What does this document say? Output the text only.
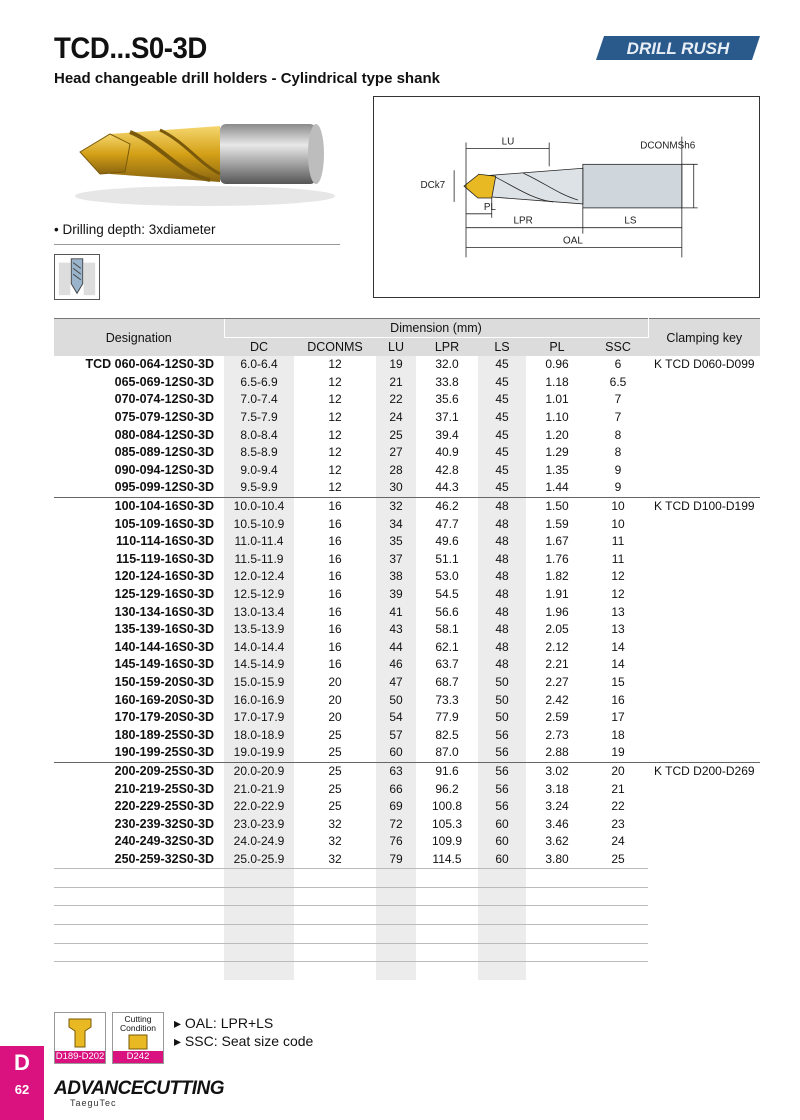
TCD...S0-3D
Head changeable drill holders - Cylindrical type shank
DRILL RUSH
• Drilling depth: 3xdiameter
LU	DCONMSh6
DCk7
PL
LPR	LS
OAL
Designation	Dimension (mm)							Clamping key
	DC	DCONMS	LU	LPR	LS	PL	SSC	
TCD 060-064-12S0-3D	6.0-6.4	12	19	32.0	45	0.96	6	K TCD D060-D099
065-069-12S0-3D	6.5-6.9	12	21	33.8	45	1.18	6.5	
070-074-12S0-3D	7.0-7.4	12	22	35.6	45	1.01	7	
075-079-12S0-3D	7.5-7.9	12	24	37.1	45	1.10	7	
080-084-12S0-3D	8.0-8.4	12	25	39.4	45	1.20	8	
085-089-12S0-3D	8.5-8.9	12	27	40.9	45	1.29	8	
090-094-12S0-3D	9.0-9.4	12	28	42.8	45	1.35	9	
095-099-12S0-3D	9.5-9.9	12	30	44.3	45	1.44	9	
100-104-16S0-3D	10.0-10.4	16	32	46.2	48	1.50	10	K TCD D100-D199
105-109-16S0-3D	10.5-10.9	16	34	47.7	48	1.59	10	
110-114-16S0-3D	11.0-11.4	16	35	49.6	48	1.67	11	
115-119-16S0-3D	11.5-11.9	16	37	51.1	48	1.76	11	
120-124-16S0-3D	12.0-12.4	16	38	53.0	48	1.82	12	
125-129-16S0-3D	12.5-12.9	16	39	54.5	48	1.91	12	
130-134-16S0-3D	13.0-13.4	16	41	56.6	48	1.96	13	
135-139-16S0-3D	13.5-13.9	16	43	58.1	48	2.05	13	
140-144-16S0-3D	14.0-14.4	16	44	62.1	48	2.12	14	
145-149-16S0-3D	14.5-14.9	16	46	63.7	48	2.21	14	
150-159-20S0-3D	15.0-15.9	20	47	68.7	50	2.27	15	
160-169-20S0-3D	16.0-16.9	20	50	73.3	50	2.42	16	
170-179-20S0-3D	17.0-17.9	20	54	77.9	50	2.59	17	
180-189-25S0-3D	18.0-18.9	25	57	82.5	56	2.73	18	
190-199-25S0-3D	19.0-19.9	25	60	87.0	56	2.88	19	
200-209-25S0-3D	20.0-20.9	25	63	91.6	56	3.02	20	K TCD D200-D269
210-219-25S0-3D	21.0-21.9	25	66	96.2	56	3.18	21	
220-229-25S0-3D	22.0-22.9	25	69	100.8	56	3.24	22	
230-239-32S0-3D	23.0-23.9	32	72	105.3	60	3.46	23	
240-249-32S0-3D	24.0-24.9	32	76	109.9	60	3.62	24	
250-259-32S0-3D	25.0-25.9	32	79	114.5	60	3.80	25	

D189-D202
Cutting Condition
D242
▸ OAL: LPR+LS
▸ SSC: Seat size code
D
62	ADVANCECUTTING
TaeguTec
